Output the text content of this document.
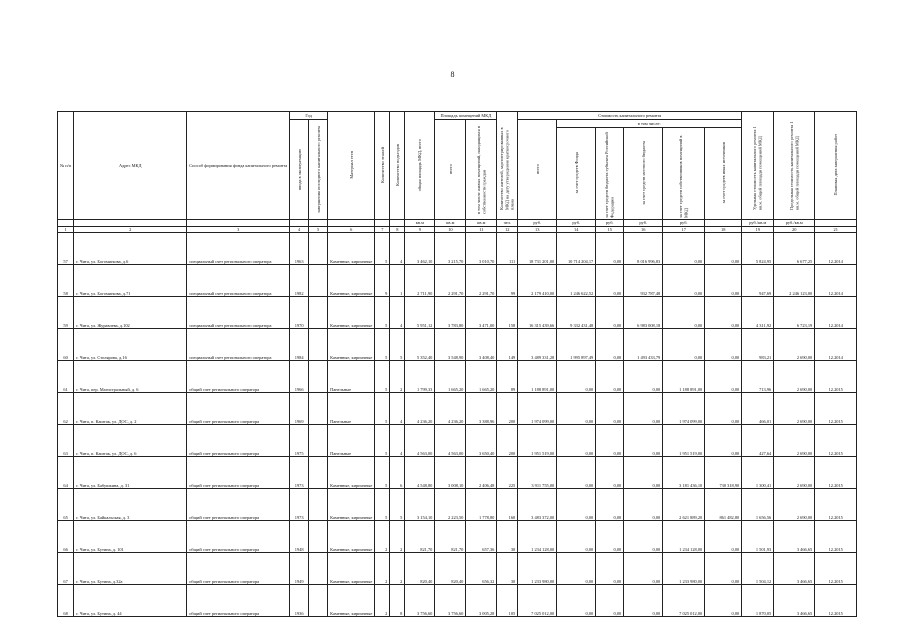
8
№ п/п	Адрес МКД	Способ формирования фонда капитального ремонта	Год		Материал стен	Количество этажей	Количество подъездов	общая площадь МКД, всего	Площадь помещений МКД		Количество жителей, зарегистрированных в МКД на дату утверждения краткосрочного плана	Стоимость капитального ремонта						Удельная стоимость капитального ремонта 1 кв.м. общей площади помещений МКД	Предельная стоимость капитального ремонта 1 кв.м. общей площади помещений МКД	Плановая дата завершения работ
			ввода в эксплуатацию	завершения последнего капитального ремонта					всего	в том числе жилых помещений, находящихся в собственности граждан		всего	в том числе:							
													за счет средств Фонда	за счет средств бюджета субъекта Российской Федерации	за счет средств местного бюджета	за счет средств собственников помещений в МКД	за счет средств иных источников			
								кв.м	кв.м	кв.м	чел.	руб.	руб.	руб.	руб.	руб.		руб./кв.м	руб./кв.м	
1	2	3	4	5	6	7	8	9	10	11	12	13	14	15	16	17	18	19	20	21
57	г. Чита, ул. Богомягкова, д.6	специальный счет регионального оператора	1963		Каменные, кирпичные	5	4	3 462,10	3 215,70	3 010,70	111	18 731 201,00	10 714 204,17	0,00	8 016 996,83	0,00	0,00	5 824,95	6 677,25	12.2014
58	г. Чита, ул. Богомягкова, д.71	специальный счет регионального оператора	1982		Каменные, кирпичные	9	1	2 711,90	2 291,70	2 291,70	99	2 179 410,00	1 246 622,52	0,00	932 787,48	0,00	0,00	947,69	2 246 123,00	12.2014
59	г. Чита, ул. Журавлева, д.102	специальный счет регионального оператора	1970		Каменные, кирпичные	5	4	5 951,12	3 783,80	3 471,00	158	16 315 439,66	9 332 431,48	0,00	6 983 008,18	0,00	0,00	4 311,92	6 723,19	12.2014
60	г. Чита, ул. Столярова, д.16	специальный счет регионального оператора	1984		Каменные, кирпичные	5	5	5 352,40	3 548,90	3 408,40	149	3 489 331,28	1 995 897,49	0,00	1 493 433,79	0,00	0,00	983,21	2 690,00	12.2014
61	г. Чита, пер. Магистральный, д. 6	общий счет регионального оператора	1966		Панельные	5	2	1 799,33	1 665,20	1 665,20	89	1 188 891,00	0,00	0,00	0,00	1 188 891,00	0,00	713,96	2 690,00	12.2015
62	г. Чита, п. Каштак, ул. ДОС, д. 2	общий счет регионального оператора	1969		Панельные	5	4	4 236,20	4 236,20	3 388,96	200	1 974 099,00	0,00	0,00	0,00	1 974 099,00	0,00	466,01	2 690,00	12.2015
63	г. Чита, п. Каштак, ул. ДОС, д. 6	общий счет регионального оператора	1975		Панельные	5	4	4 563,00	4 563,00	3 650,40	200	1 951 519,00	0,00	0,00	0,00	1 951 519,00	0,00	427,64	2 690,00	12.2015
64	г. Чита, ул. Бабушкина, д. 31	общий счет регионального оператора	1973		Каменные, кирпичные	5	6	4 548,80	3 008,10	2 406,48	225	3 911 755,00	0,00	0,00	0,00	3 181 436,10	730 318,90	1 300,41	2 690,00	12.2015
65	г. Чита, ул. Байкальская, д. 3	общий счет регионального оператора	1973		Каменные, кирпичные	5	5	3 154,10	2 223,50	1 778,80	160	3 483 372,00	0,00	0,00	0,00	2 621 889,20	861 482,80	1 656,56	2 690,00	12.2015
66	г. Чита, ул. Бутина, д. 101	общий счет регионального оператора	1948		Каменные, кирпичные	2	2	821,70	821,70	657,36	30	1 234 128,00	0,00	0,00	0,00	1 234 128,00	0,00	1 501,93	3 466,65	12.2015
67	г. Чита, ул. Бутина, д.32а	общий счет регионального оператора	1949		Каменные, кирпичные	2	2	820,40	820,40	656,32	30	1 233 980,00	0,00	0,00	0,00	1 233 980,00	0,00	1 504,12	3 466,65	12.2015
68	г. Чита, ул. Бутина, д. 44	общий счет регионального оператора	1936		Каменные, кирпичные	2	8	3 756,60	3 756,60	3 005,28	105	7 025 012,00	0,00	0,00	0,00	7 025 012,00	0,00	1 870,05	3 466,65	12.2015
